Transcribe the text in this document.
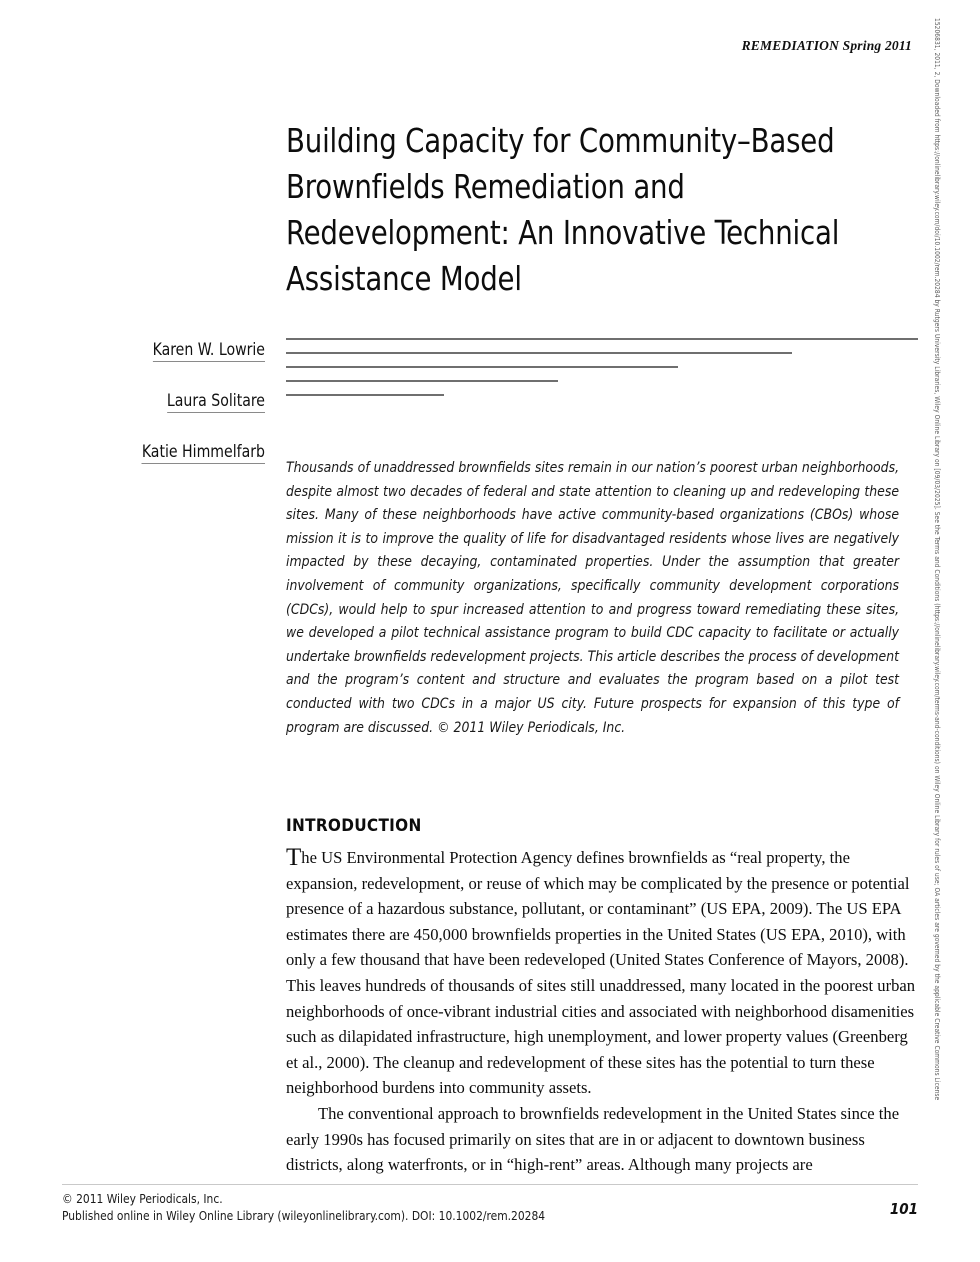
REMEDIATION Spring 2011
Building Capacity for Community–Based Brownfields Remediation and Redevelopment: An Innovative Technical Assistance Model
Karen W. Lowrie
Laura Solitare
Katie Himmelfarb
Thousands of unaddressed brownfields sites remain in our nation’s poorest urban neighborhoods, despite almost two decades of federal and state attention to cleaning up and redeveloping these sites. Many of these neighborhoods have active community-based organizations (CBOs) whose mission it is to improve the quality of life for disadvantaged residents whose lives are negatively impacted by these decaying, contaminated properties. Under the assumption that greater involvement of community organizations, specifically community development corporations (CDCs), would help to spur increased attention to and progress toward remediating these sites, we developed a pilot technical assistance program to build CDC capacity to facilitate or actually undertake brownfields redevelopment projects. This article describes the process of development and the program’s content and structure and evaluates the program based on a pilot test conducted with two CDCs in a major US city. Future prospects for expansion of this type of program are discussed. © 2011 Wiley Periodicals, Inc.
INTRODUCTION

The US Environmental Protection Agency defines brownfields as “real property, the expansion, redevelopment, or reuse of which may be complicated by the presence or potential presence of a hazardous substance, pollutant, or contaminant” (US EPA, 2009). The US EPA estimates there are 450,000 brownfields properties in the United States (US EPA, 2010), with only a few thousand that have been redeveloped (United States Conference of Mayors, 2008). This leaves hundreds of thousands of sites still unaddressed, many located in the poorest urban neighborhoods of once-vibrant industrial cities and associated with neighborhood disamenities such as dilapidated infrastructure, high unemployment, and lower property values (Greenberg et al., 2000). The cleanup and redevelopment of these sites has the potential to turn these neighborhood burdens into community assets.

The conventional approach to brownfields redevelopment in the United States since the early 1990s has focused primarily on sites that are in or adjacent to downtown business districts, along waterfronts, or in “high-rent” areas. Although many projects are

© 2011 Wiley Periodicals, Inc.
Published online in Wiley Online Library (wileyonlinelibrary.com). DOI: 10.1002/rem.20284	101
15206831, 2011, 2, Downloaded from https://onlinelibrary.wiley.com/doi/10.1002/rem.20284 by Rutgers University Libraries, Wiley Online Library on [09/03/2025]. See the Terms and Conditions (https://onlinelibrary.wiley.com/terms-and-conditions) on Wiley Online Library for rules of use; OA articles are governed by the applicable Creative Commons License
